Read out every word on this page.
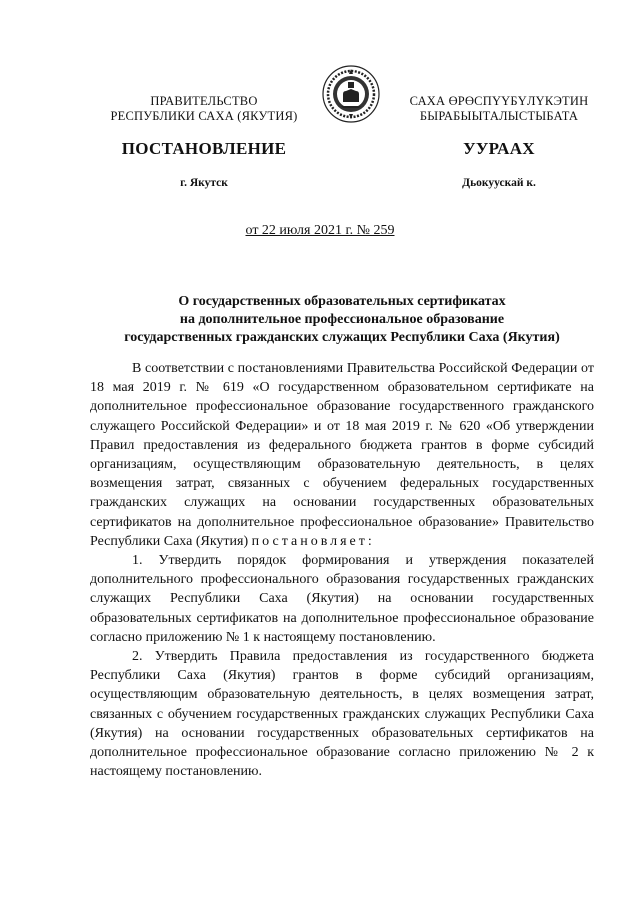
ПРАВИТЕЛЬСТВО
РЕСПУБЛИКИ САХА (ЯКУТИЯ)
САХА ӨРӨСПҮҮБҮЛҮКЭТИН
БЫРАБЫЫТАЛЫСТЫБАТА
ПОСТАНОВЛЕНИЕ	УУРААХ
г. Якутск	Дьокуускай к.
от 22 июля 2021 г. № 259
О государственных образовательных сертификатах
на дополнительное профессиональное образование
государственных гражданских служащих Республики Саха (Якутия)

В соответствии с постановлениями Правительства Российской Федерации от 18 мая 2019 г. № 619 «О государственном образовательном сертификате на дополнительное профессиональное образование государственного гражданского служащего Российской Федерации» и от 18 мая 2019 г. № 620 «Об утверждении Правил предоставления из федерального бюджета грантов в форме субсидий организациям, осуществляющим образовательную деятельность, в целях возмещения затрат, связанных с обучением федеральных государственных гражданских служащих на основании государственных образовательных сертификатов на дополнительное профессиональное образование» Правительство Республики Саха (Якутия) постановляет:

1. Утвердить порядок формирования и утверждения показателей дополнительного профессионального образования государственных гражданских служащих Республики Саха (Якутия) на основании государственных образовательных сертификатов на дополнительное профессиональное образование согласно приложению № 1 к настоящему постановлению.

2. Утвердить Правила предоставления из государственного бюджета Республики Саха (Якутия) грантов в форме субсидий организациям, осуществляющим образовательную деятельность, в целях возмещения затрат, связанных с обучением государственных гражданских служащих Республики Саха (Якутия) на основании государственных образовательных сертификатов на дополнительное профессиональное образование согласно приложению № 2 к настоящему постановлению.
